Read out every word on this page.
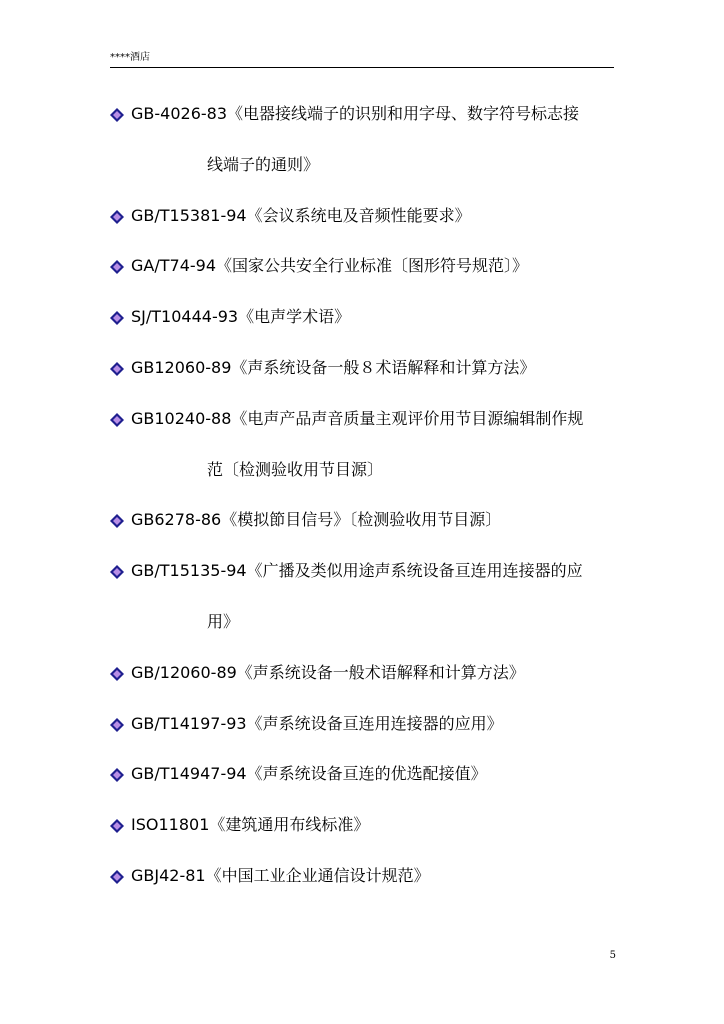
****酒店
GB-4026-83《电器接线端子的识别和用字母、数字符号标志接
线端子的通则》
GB/T15381-94《会议系统电及音频性能要求》
GA/T74-94《国家公共安全行业标准〔图形符号规范〕》
SJ/T10444-93《电声学术语》
GB12060-89《声系统设备一般８术语解释和计算方法》
GB10240-88《电声产品声音质量主观评价用节目源编辑制作规
范〔检测验收用节目源〕
GB6278-86《模拟節目信号》〔检测验收用节目源〕
GB/T15135-94《广播及类似用途声系统设备亘连用连接器的应
用》
GB/12060-89《声系统设备一般术语解释和计算方法》
GB/T14197-93《声系统设备亘连用连接器的应用》
GB/T14947-94《声系统设备亘连的优选配接值》
ISO11801《建筑通用布线标准》
GBJ42-81《中国工业企业通信设计规范》
5
